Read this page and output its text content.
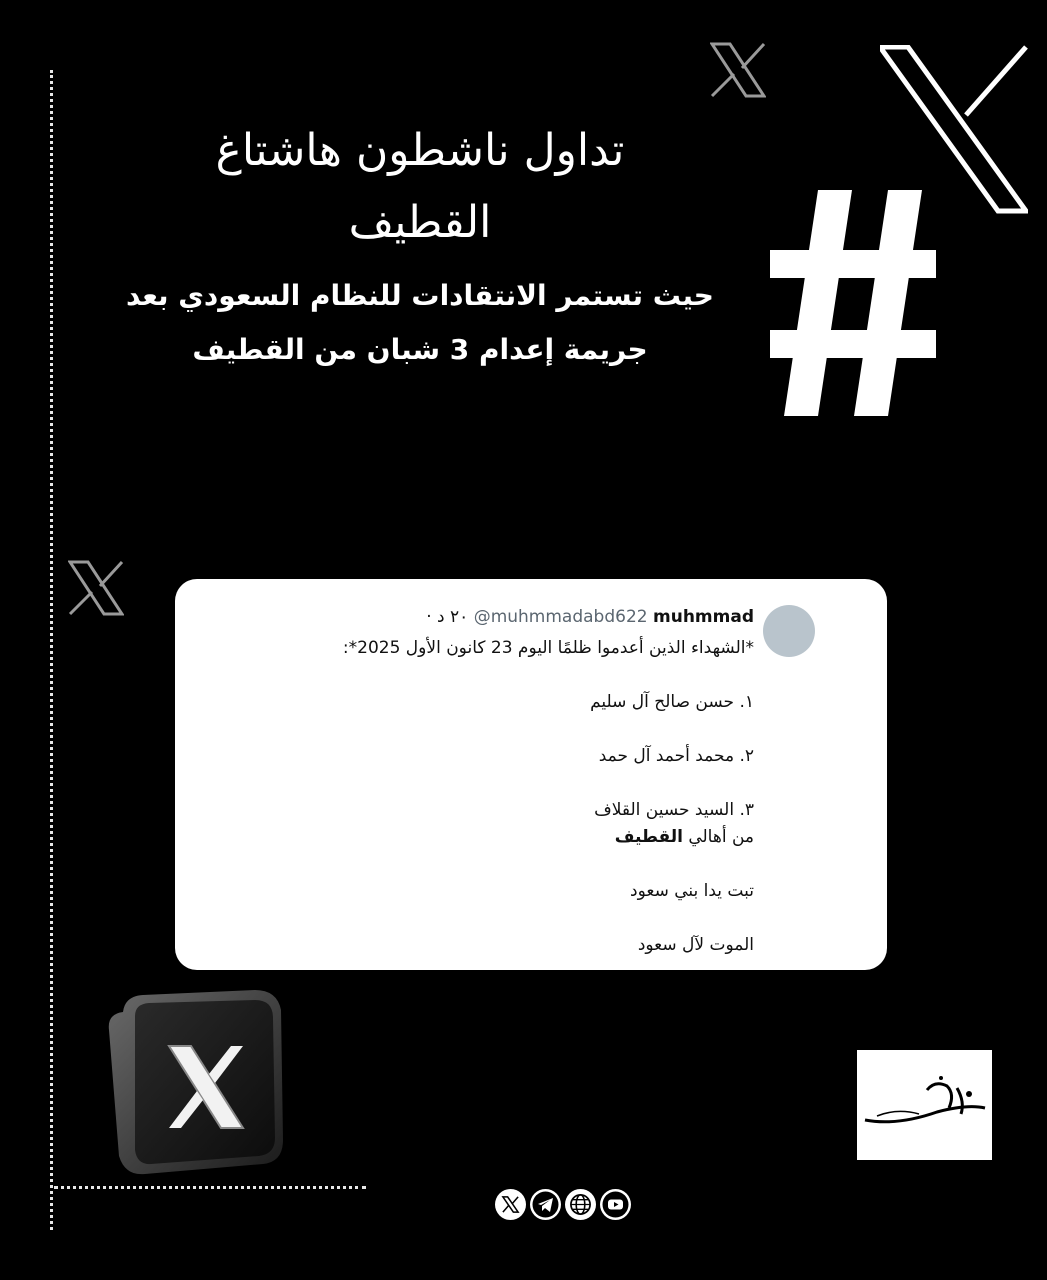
تداول ناشطون هاشتاغ
القطيف
حيث تستمر الانتقادات للنظام السعودي بعد
جريمة إعدام 3 شبان من القطيف
· ٢٠ د @muhmmadabd622 muhmmad

*الشهداء الذين أعدموا ظلمًا اليوم 23 كانون الأول 2025*:

١. حسن صالح آل سليم

٢. محمد أحمد آل حمد

٣. السيد حسين القلاف

من أهالي القطيف

تبت يدا بني سعود

الموت لآل سعود
